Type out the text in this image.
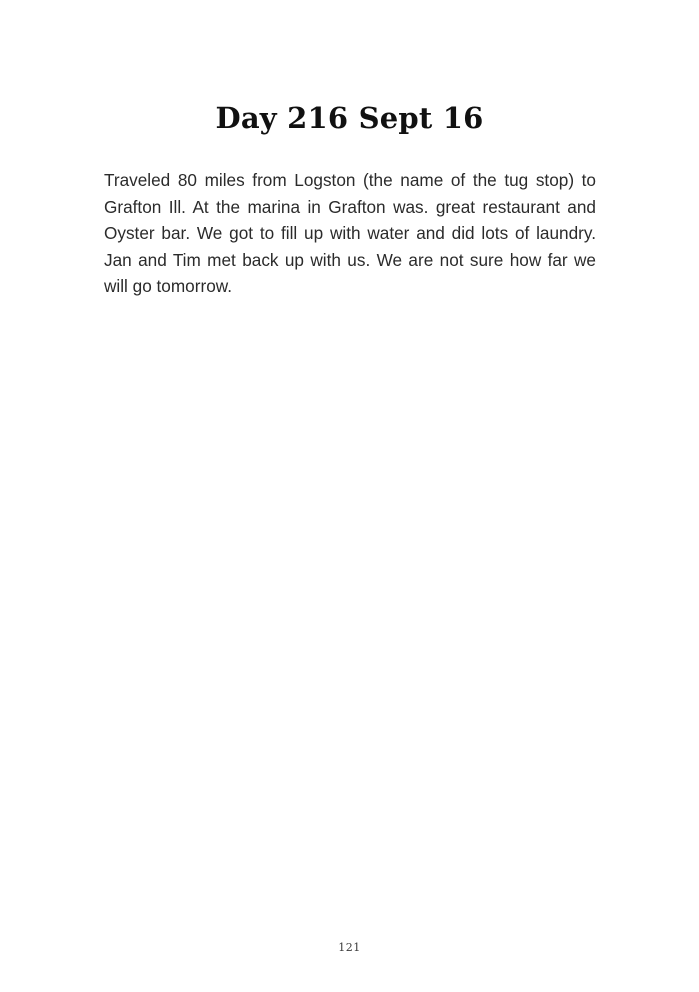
Day 216 Sept 16

Traveled 80 miles from Logston (the name of the tug stop) to Grafton Ill. At the marina in Grafton was. great restaurant and Oyster bar. We got to fill up with water and did lots of laundry. Jan and Tim met back up with us. We are not sure how far we will go tomorrow.

121
